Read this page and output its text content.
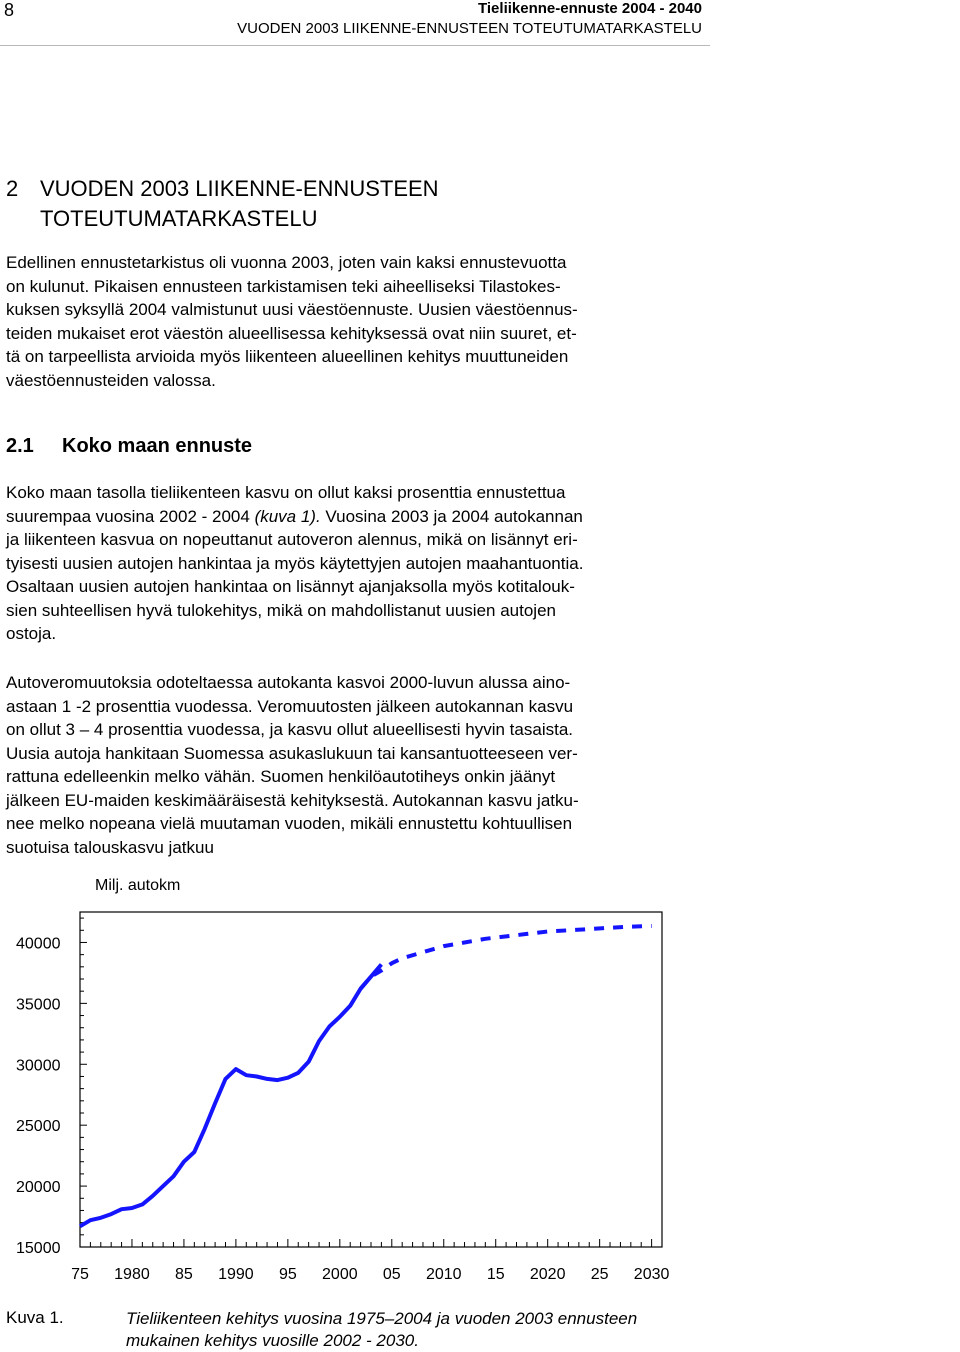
8	Tieliikenne-ennuste 2004 - 2040
VUODEN 2003 LIIKENNE-ENNUSTEEN TOTEUTUMATARKASTELU
2 VUODEN 2003 LIIKENNE-ENNUSTEEN
TOTEUTUMATARKASTELU
Edellinen ennustetarkistus oli vuonna 2003, joten vain kaksi ennustevuotta
on kulunut. Pikaisen ennusteen tarkistamisen teki aiheelliseksi Tilastokes-
kuksen syksyllä 2004 valmistunut uusi väestöennuste. Uusien väestöennus-
teiden mukaiset erot väestön alueellisessa kehityksessä ovat niin suuret, et-
tä on tarpeellista arvioida myös liikenteen alueellinen kehitys muuttuneiden
väestöennusteiden valossa.
2.1 Koko maan ennuste
Koko maan tasolla tieliikenteen kasvu on ollut kaksi prosenttia ennustettua
suurempaa vuosina 2002 - 2004 (kuva 1). Vuosina 2003 ja 2004 autokannan
ja liikenteen kasvua on nopeuttanut autoveron alennus, mikä on lisännyt eri-
tyisesti uusien autojen hankintaa ja myös käytettyjen autojen maahantuontia.
Osaltaan uusien autojen hankintaa on lisännyt ajanjaksolla myös kotitalouk-
sien suhteellisen hyvä tulokehitys, mikä on mahdollistanut uusien autojen
ostoja.
Autoveromuutoksia odoteltaessa autokanta kasvoi 2000-luvun alussa aino-
astaan 1 -2 prosenttia vuodessa. Veromuutosten jälkeen autokannan kasvu
on ollut 3 – 4 prosenttia vuodessa, ja kasvu ollut alueellisesti hyvin tasaista.
Uusia autoja hankitaan Suomessa asukaslukuun tai kansantuotteeseen ver-
rattuna edelleenkin melko vähän. Suomen henkilöautotiheys onkin jäänyt
jälkeen EU-maiden keskimääräisestä kehityksestä. Autokannan kasvu jatku-
nee melko nopeana vielä muutaman vuoden, mikäli ennustettu kohtuullisen
suotuisa talouskasvu jatkuu
Milj. autokm
15000
20000
25000
30000
35000
40000
75 1980 85 1990 95 2000 05 2010 15 2020 25 2030
Kuva 1.	Tieliikenteen kehitys vuosina 1975–2004 ja vuoden 2003 ennusteen
mukainen kehitys vuosille 2002 - 2030.
